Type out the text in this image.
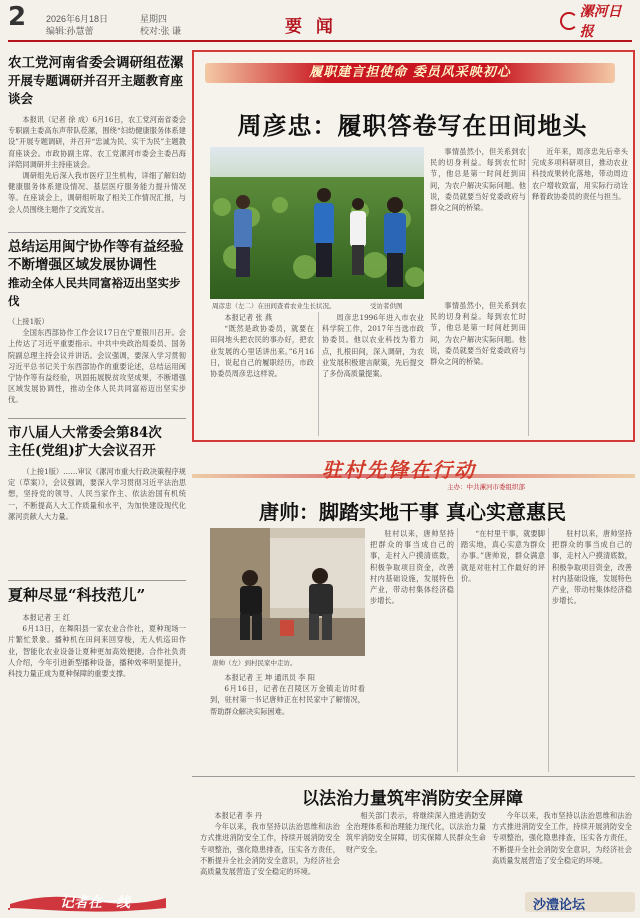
2 2026年6月18日
编辑:孙慧蕾
星期四
校对:张 谦	要 闻
漯河日报
农工党河南省委会调研组莅漯
开展专题调研并召开主题教育座谈会

本报讯（记者 徐 成）6月16日，农工党河南省委会专职副主委高东声带队莅漯，围绕“妇幼健康服务体系建设”开展专题调研，并召开“忠诚为民、实干为民”主题教育座谈会。市政协副主席、农工党漯河市委会主委吕海洋陪同调研并主持座谈会。

调研组先后深入我市医疗卫生机构，详细了解妇幼健康服务体系建设情况、基层医疗服务能力提升情况等。在座谈会上，调研组听取了相关工作情况汇报，与会人员围绕主题作了交流发言。

总结运用闽宁协作等有益经验
不断增强区域发展协调性
推动全体人民共同富裕迈出坚实步伐

（上接1版）

全国东西部协作工作会议17日在宁夏银川召开。会上传达了习近平重要指示。中共中央政治局委员、国务院副总理主持会议并讲话。会议强调，要深入学习贯彻习近平总书记关于东西部协作的重要论述，总结运用闽宁协作等有益经验，巩固拓展脱贫攻坚成果，不断增强区域发展协调性，推动全体人民共同富裕迈出坚实步伐。

市八届人大常委会第84次
主任(党组)扩大会议召开

（上接1版）……审议《漯河市重大行政决策程序规定（草案）》，会议强调，要深入学习贯彻习近平法治思想，坚持党的领导、人民当家作主、依法治国有机统一，不断提高人大工作质量和水平，为加快建设现代化漯河贡献人大力量。

夏种尽显“科技范儿”

本报记者 王 红

6月13日，在舞阳县一家农业合作社，夏种现场一片繁忙景象。播种机在田间来回穿梭，无人机巡田作业，智能化农业设备让夏种更加高效便捷。合作社负责人介绍，今年引进新型播种设备，播种效率明显提升，科技力量正成为夏种保障的重要支撑。

履职建言担使命 委员风采映初心
周彦忠：履职答卷写在田间地头
周彦忠（左二）在田间查看农业生长状况。	受访者供图

事情虽然小，但关系到农民的切身利益。每到农忙时节，他总是第一时间赶到田间，为农户解决实际问题。他说，委员就要当好党委政府与群众之间的桥梁。

近年来，周彦忠先后牵头完成多项科研项目，推动农业科技成果转化落地，带动周边农户增收致富，用实际行动诠释着政协委员的责任与担当。

本报记者 张 燕

“既然是政协委员，就要在田间地头把农民的事办好，把农业发展的心里话讲出来。”6月16日，说起自己的履职经历，市政协委员周彦忠这样说。

周彦忠1996年进入市农业科学院工作，2017年当选市政协委员。他以农业科技为着力点，扎根田间，深入调研，为农业发展积极建言献策，先后提交了多份高质量提案。

事情虽然小，但关系到农民的切身利益。每到农忙时节，他总是第一时间赶到田间，为农户解决实际问题。他说，委员就要当好党委政府与群众之间的桥梁。

驻村先锋在行动
主办：中共漯河市委组织部
唐帅：脚踏实地干事 真心实意惠民
唐帅（左）到村民家中走访。

本报记者 王 坤 通讯员 李 阳

6月16日，记者在召陵区万金镇走访时看到，驻村第一书记唐帅正在村民家中了解情况，帮助群众解决实际困难。

驻村以来，唐帅坚持把群众的事当成自己的事，走村入户摸清底数，积极争取项目资金，改善村内基础设施，发展特色产业，带动村集体经济稳步增长。

“在村里干事，就要脚踏实地，真心实意为群众办事。”唐帅说，群众满意就是对驻村工作最好的评价。

驻村以来，唐帅坚持把群众的事当成自己的事，走村入户摸清底数，积极争取项目资金，改善村内基础设施，发展特色产业，带动村集体经济稳步增长。

以法治力量筑牢消防安全屏障

本报记者 李 丹

今年以来，我市坚持以法治思维和法治方式推进消防安全工作，持续开展消防安全专项整治，强化隐患排查，压实各方责任，不断提升全社会消防安全意识，为经济社会高质量发展营造了安全稳定的环境。

相关部门表示，将继续深入推进消防安全治理体系和治理能力现代化，以法治力量筑牢消防安全屏障，切实保障人民群众生命财产安全。

今年以来，我市坚持以法治思维和法治方式推进消防安全工作，持续开展消防安全专项整治，强化隐患排查，压实各方责任，不断提升全社会消防安全意识，为经济社会高质量发展营造了安全稳定的环境。

记者在一线	沙澧论坛
